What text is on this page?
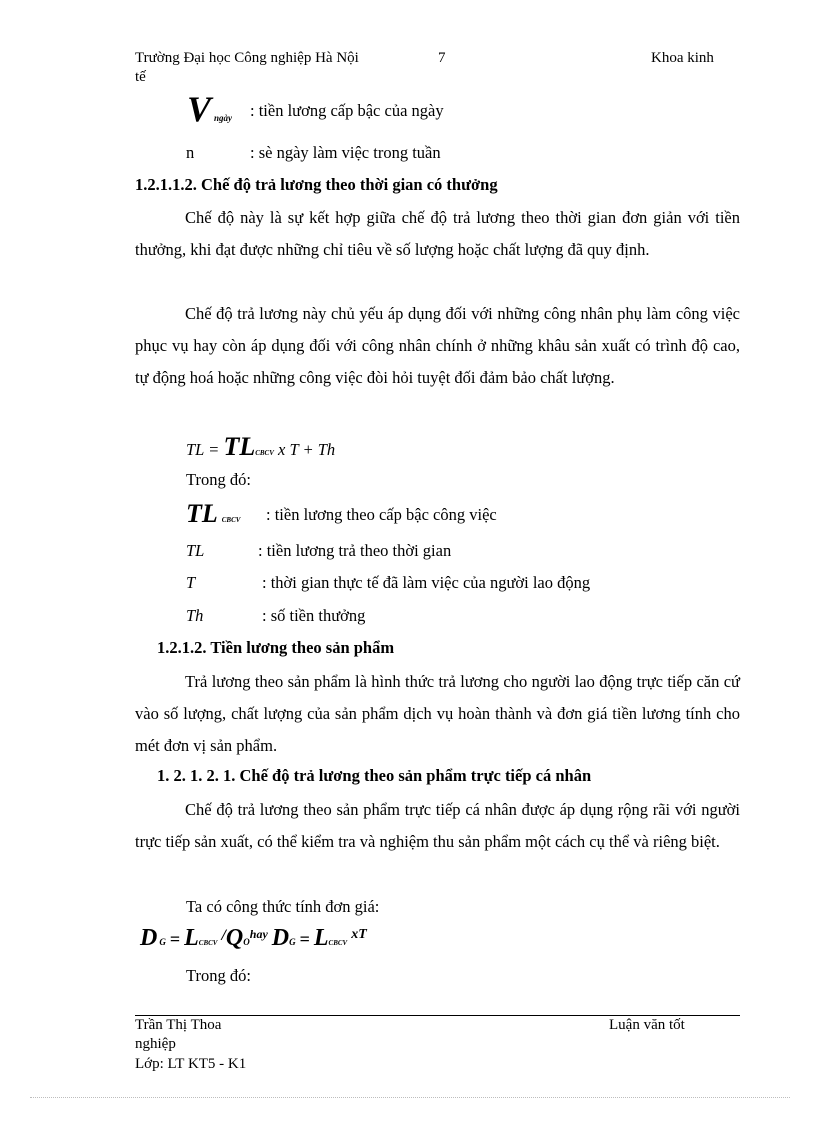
Trường Đại học Công nghiệp Hà Nội	7	Khoa kinh
tế
Vngày : tiền lương cấp bậc của ngày
n	: sè ngày làm việc trong tuần
1.2.1.1.2. Chế độ trả lương theo thời gian có thưởng

Chế độ này là sự kết hợp giữa chế độ trả lương theo thời gian đơn giản với tiền thưởng, khi đạt được những chỉ tiêu về số lượng hoặc chất lượng đã quy định.

Chế độ trả lương này chủ yếu áp dụng đối với những công nhân phụ làm công việc phục vụ hay còn áp dụng đối với công nhân chính ở những khâu sản xuất có trình độ cao, tự động hoá hoặc những công việc đòi hỏi tuyệt đối đảm bảo chất lượng.

TL = TLCBCV x T + Th
Trong đó:
TL CBCV : tiền lương theo cấp bậc công việc
TL	: tiền lương trả theo thời gian
T	: thời gian thực tế đã làm việc của người lao động
Th	: số tiền thưởng
1.2.1.2. Tiền lương theo sản phẩm

Trả lương theo sản phẩm là hình thức trả lương cho người lao động trực tiếp căn cứ vào số lượng, chất lượng của sản phẩm dịch vụ hoàn thành và đơn giá tiền lương tính cho mét đơn vị sản phẩm.

1. 2. 1. 2. 1. Chế độ trả lương theo sản phẩm trực tiếp cá nhân

Chế độ trả lương theo sản phẩm trực tiếp cá nhân được áp dụng rộng rãi với người trực tiếp sản xuất, có thể kiểm tra và nghiệm thu sản phẩm một cách cụ thể và riêng biệt.

Ta có công thức tính đơn giá:
D G = LCBCV $/QO^{hay}$ DG = LCBCV xT
Trong đó:
Trần Thị Thoa	Luận văn tốt
nghiệp
Lớp: LT KT5 - K1
